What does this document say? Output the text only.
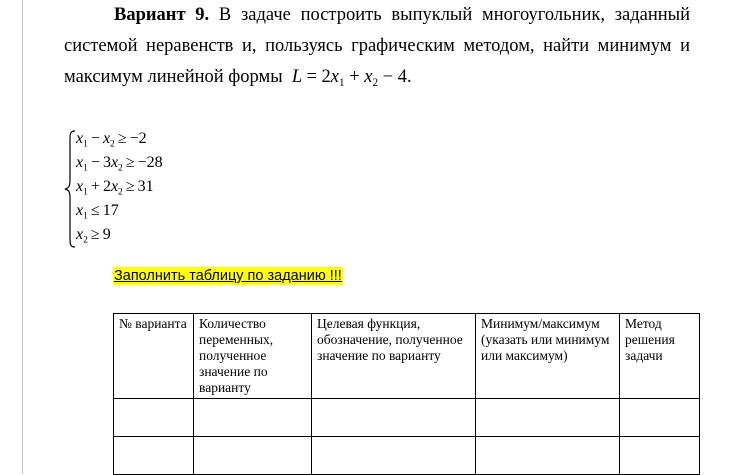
Вариант 9. В задаче построить выпуклый многоугольник, заданный системой неравенств и, пользуясь графическим методом, найти минимум и максимум линейной формы $L = 2x_1 + x_2 - 4$.

$x_1 - x_2 \ge -2$
$x_1 - 3x_2 \ge -28$
$x_1 + 2x_2 \ge 31$
$x_1 \le 17$
$x_2 \ge 9$
Заполнить таблицу по заданию !!!
№ варианта	Количество переменных, полученное значение по варианту	Целевая функция, обозначение, полученное значение по варианту	Минимум/максимум (указать или минимум или максимум)	Метод решения задачи
